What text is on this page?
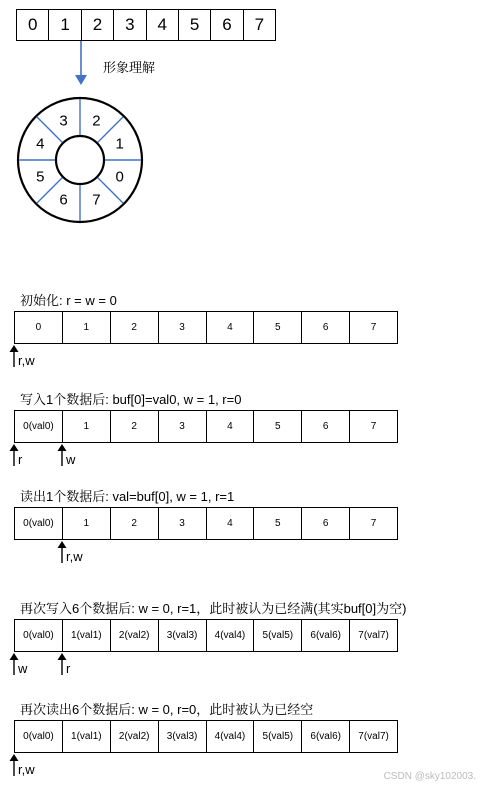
0	1	2	3	4	5	6	7
形象理解
0
1
2
3
4
5
6 7
初始化: r = w = 0
0	1	2	3	4	5	6	7
r,w
写入1个数据后: buf[0]=val0, w = 1, r=0
0(val0)	1	2	3	4	5	6	7
r	w
读出1个数据后: val=buf[0], w = 1, r=1
0(val0)	1	2	3	4	5	6	7
r,w
再次写入6个数据后: w = 0, r=1，此时被认为已经满(其实buf[0]为空)
0(val0)	1(val1)	2(val2)	3(val3)	4(val4)	5(val5)	6(val6)	7(val7)
w	r
再次读出6个数据后: w = 0, r=0，此时被认为已经空
0(val0)	1(val1)	2(val2)	3(val3)	4(val4)	5(val5)	6(val6)	7(val7)
r,w	CSDN @sky102003.
